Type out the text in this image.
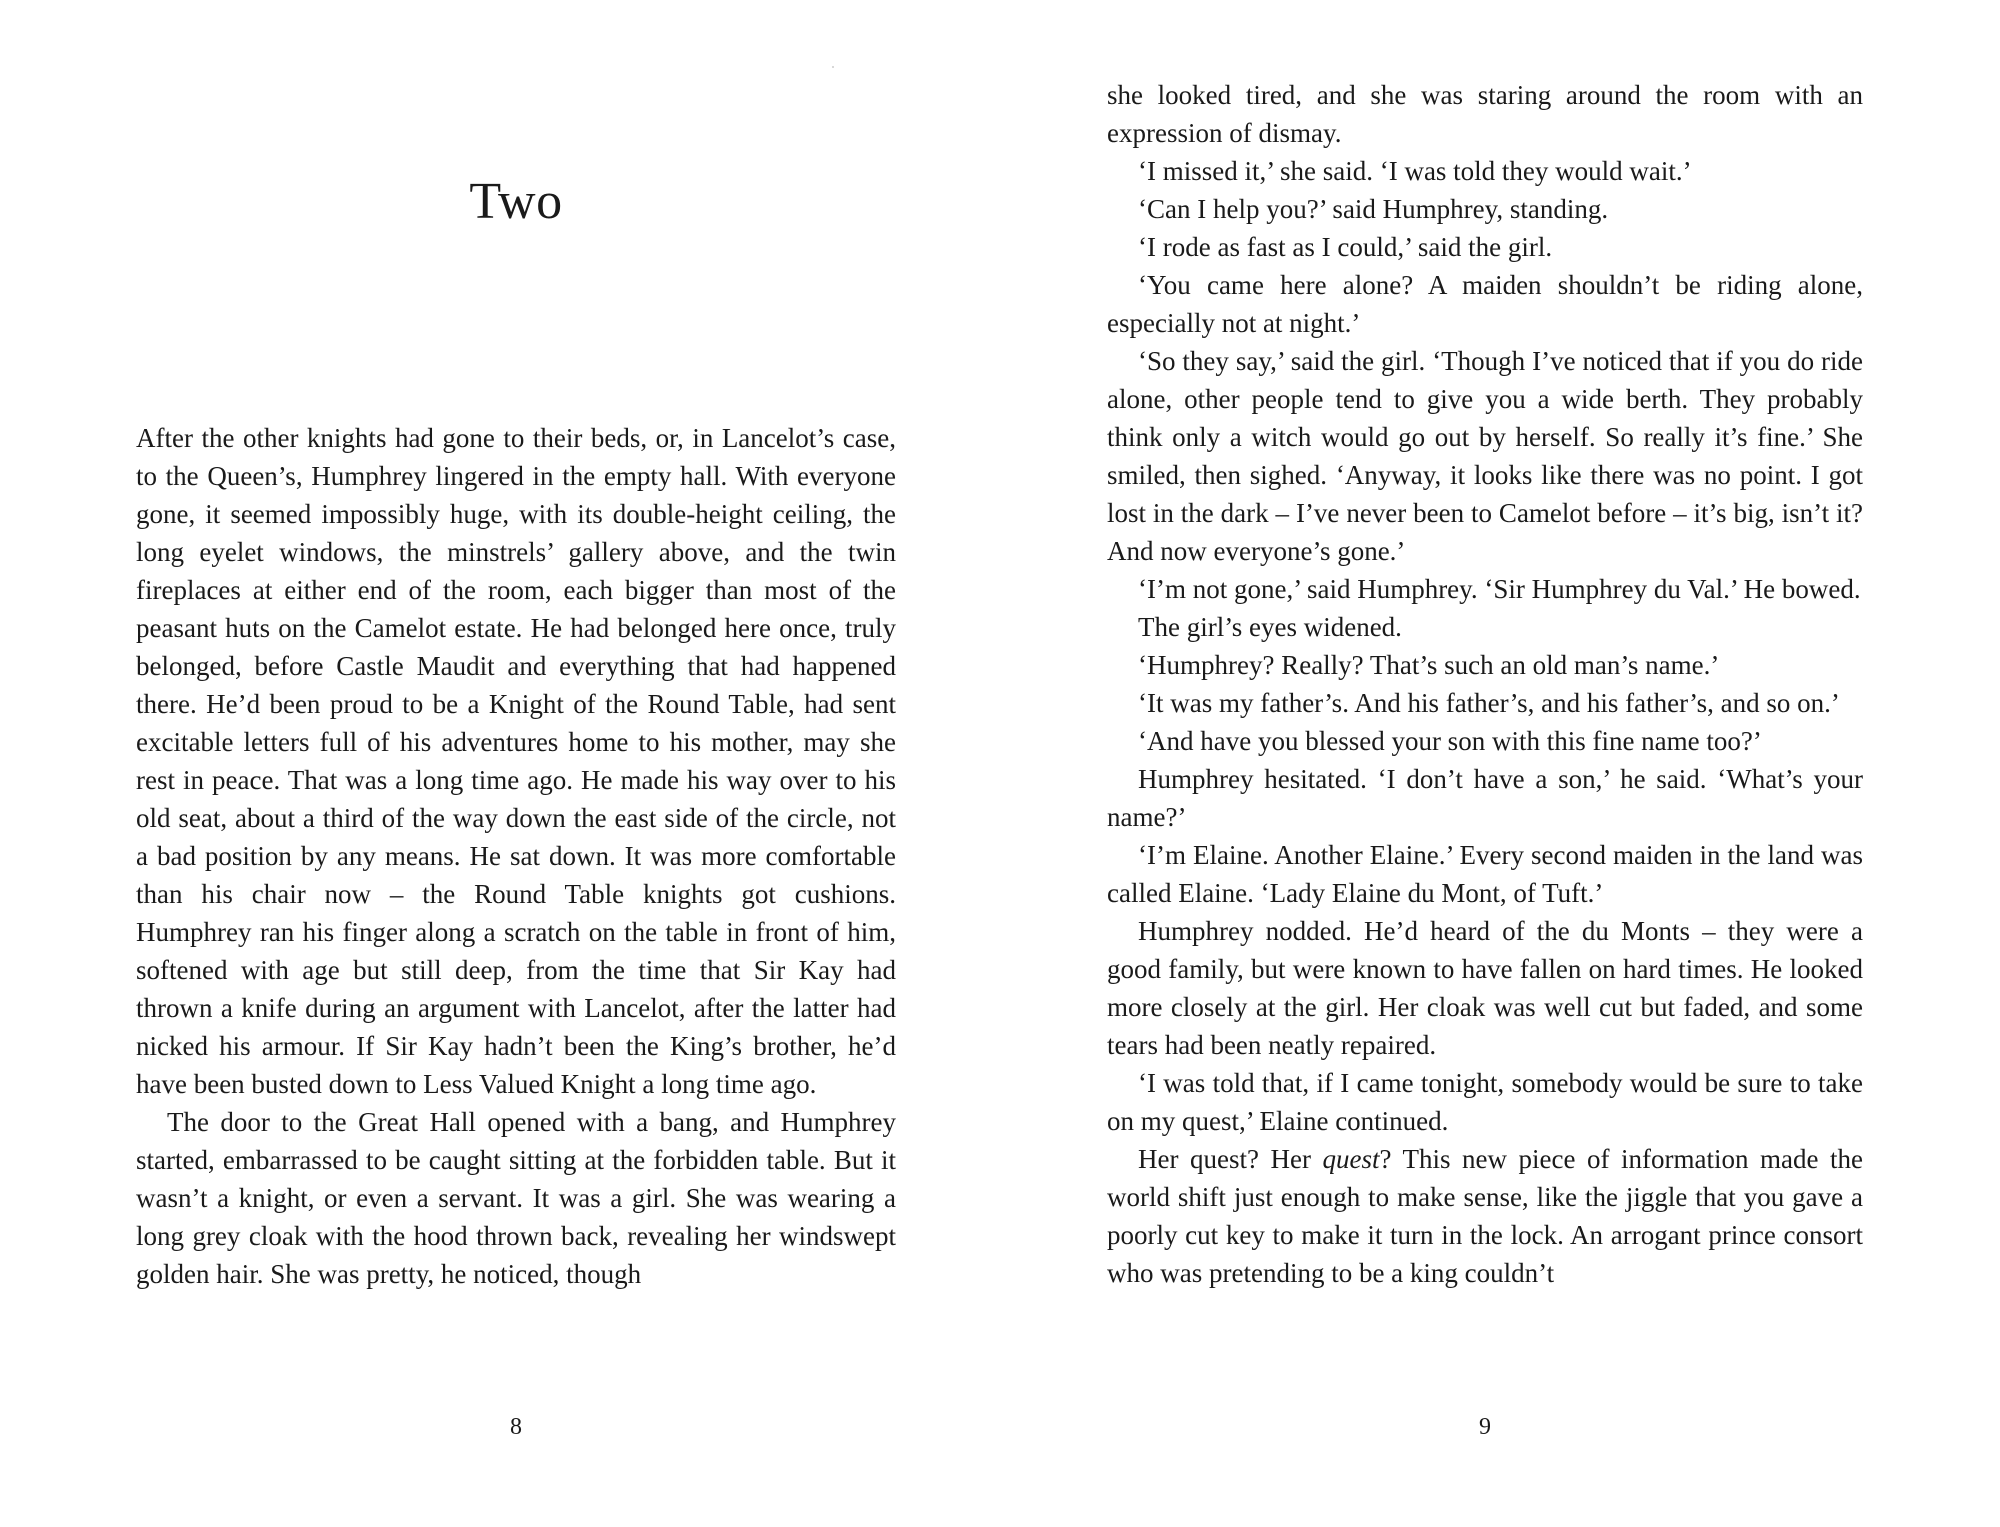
Two

After the other knights had gone to their beds, or, in Lancelot’s case, to the Queen’s, Humphrey lingered in the empty hall. With everyone gone, it seemed impossibly huge, with its double-height ceiling, the long eyelet windows, the minstrels’ gallery above, and the twin fireplaces at either end of the room, each bigger than most of the peasant huts on the Camelot estate. He had belonged here once, truly belonged, before Castle Maudit and everything that had happened there. He’d been proud to be a Knight of the Round Table, had sent excitable letters full of his adventures home to his mother, may she rest in peace. That was a long time ago. He made his way over to his old seat, about a third of the way down the east side of the circle, not a bad position by any means. He sat down. It was more comfortable than his chair now – the Round Table knights got cushions. Humphrey ran his finger along a scratch on the table in front of him, softened with age but still deep, from the time that Sir Kay had thrown a knife during an argument with Lancelot, after the latter had nicked his armour. If Sir Kay hadn’t been the King’s brother, he’d have been busted down to Less Valued Knight a long time ago.

The door to the Great Hall opened with a bang, and Humphrey started, embarrassed to be caught sitting at the forbidden table. But it wasn’t a knight, or even a servant. It was a girl. She was wearing a long grey cloak with the hood thrown back, revealing her windswept golden hair. She was pretty, he noticed, though

8

she looked tired, and she was staring around the room with an expression of dismay.

‘I missed it,’ she said. ‘I was told they would wait.’

‘Can I help you?’ said Humphrey, standing.

‘I rode as fast as I could,’ said the girl.

‘You came here alone? A maiden shouldn’t be riding alone, especially not at night.’

‘So they say,’ said the girl. ‘Though I’ve noticed that if you do ride alone, other people tend to give you a wide berth. They probably think only a witch would go out by herself. So really it’s fine.’ She smiled, then sighed. ‘Anyway, it looks like there was no point. I got lost in the dark – I’ve never been to Camelot before – it’s big, isn’t it? And now everyone’s gone.’

‘I’m not gone,’ said Humphrey. ‘Sir Humphrey du Val.’ He bowed.

The girl’s eyes widened.

‘Humphrey? Really? That’s such an old man’s name.’

‘It was my father’s. And his father’s, and his father’s, and so on.’

‘And have you blessed your son with this fine name too?’

Humphrey hesitated. ‘I don’t have a son,’ he said. ‘What’s your name?’

‘I’m Elaine. Another Elaine.’ Every second maiden in the land was called Elaine. ‘Lady Elaine du Mont, of Tuft.’

Humphrey nodded. He’d heard of the du Monts – they were a good family, but were known to have fallen on hard times. He looked more closely at the girl. Her cloak was well cut but faded, and some tears had been neatly repaired.

‘I was told that, if I came tonight, somebody would be sure to take on my quest,’ Elaine continued.

Her quest? Her quest? This new piece of information made the world shift just enough to make sense, like the jiggle that you gave a poorly cut key to make it turn in the lock. An arrogant prince consort who was pretending to be a king couldn’t

9
